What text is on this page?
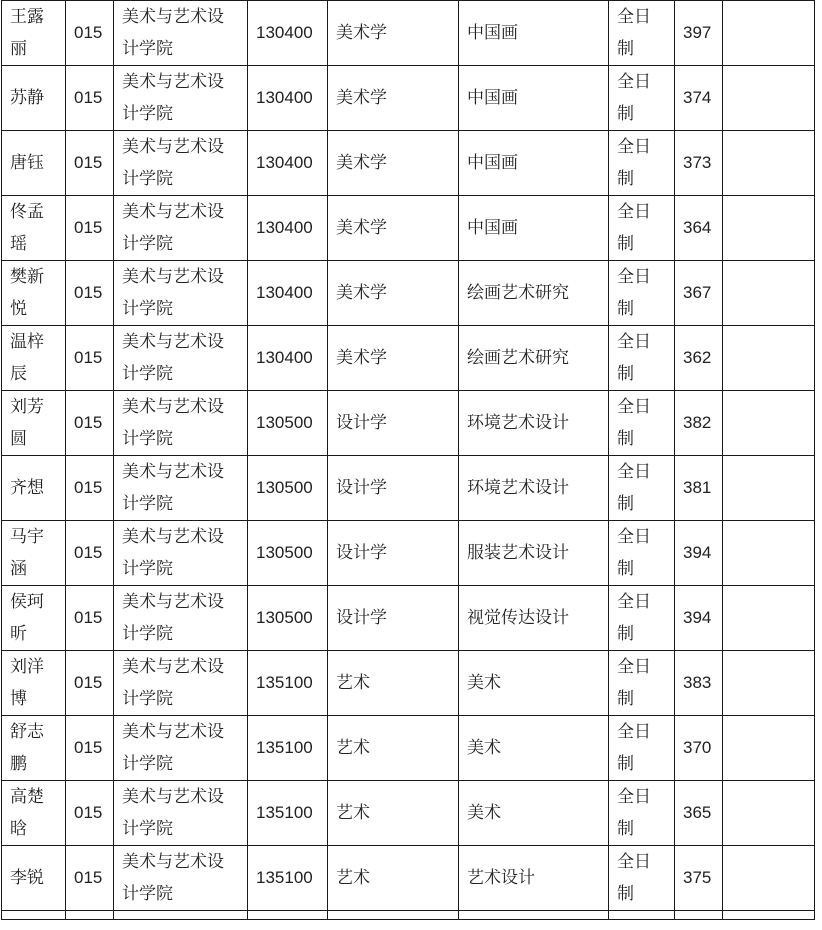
王露丽	015	美术与艺术设计学院	130400	美术学	中国画	全日制	397	
苏静	015	美术与艺术设计学院	130400	美术学	中国画	全日制	374	
唐钰	015	美术与艺术设计学院	130400	美术学	中国画	全日制	373	
佟孟瑶	015	美术与艺术设计学院	130400	美术学	中国画	全日制	364	
樊新悦	015	美术与艺术设计学院	130400	美术学	绘画艺术研究	全日制	367	
温梓辰	015	美术与艺术设计学院	130400	美术学	绘画艺术研究	全日制	362	
刘芳圆	015	美术与艺术设计学院	130500	设计学	环境艺术设计	全日制	382	
齐想	015	美术与艺术设计学院	130500	设计学	环境艺术设计	全日制	381	
马宇涵	015	美术与艺术设计学院	130500	设计学	服装艺术设计	全日制	394	
侯珂昕	015	美术与艺术设计学院	130500	设计学	视觉传达设计	全日制	394	
刘洋博	015	美术与艺术设计学院	135100	艺术	美术	全日制	383	
舒志鹏	015	美术与艺术设计学院	135100	艺术	美术	全日制	370	
高楚晗	015	美术与艺术设计学院	135100	艺术	美术	全日制	365	
李锐	015	美术与艺术设计学院	135100	艺术	艺术设计	全日制	375	
